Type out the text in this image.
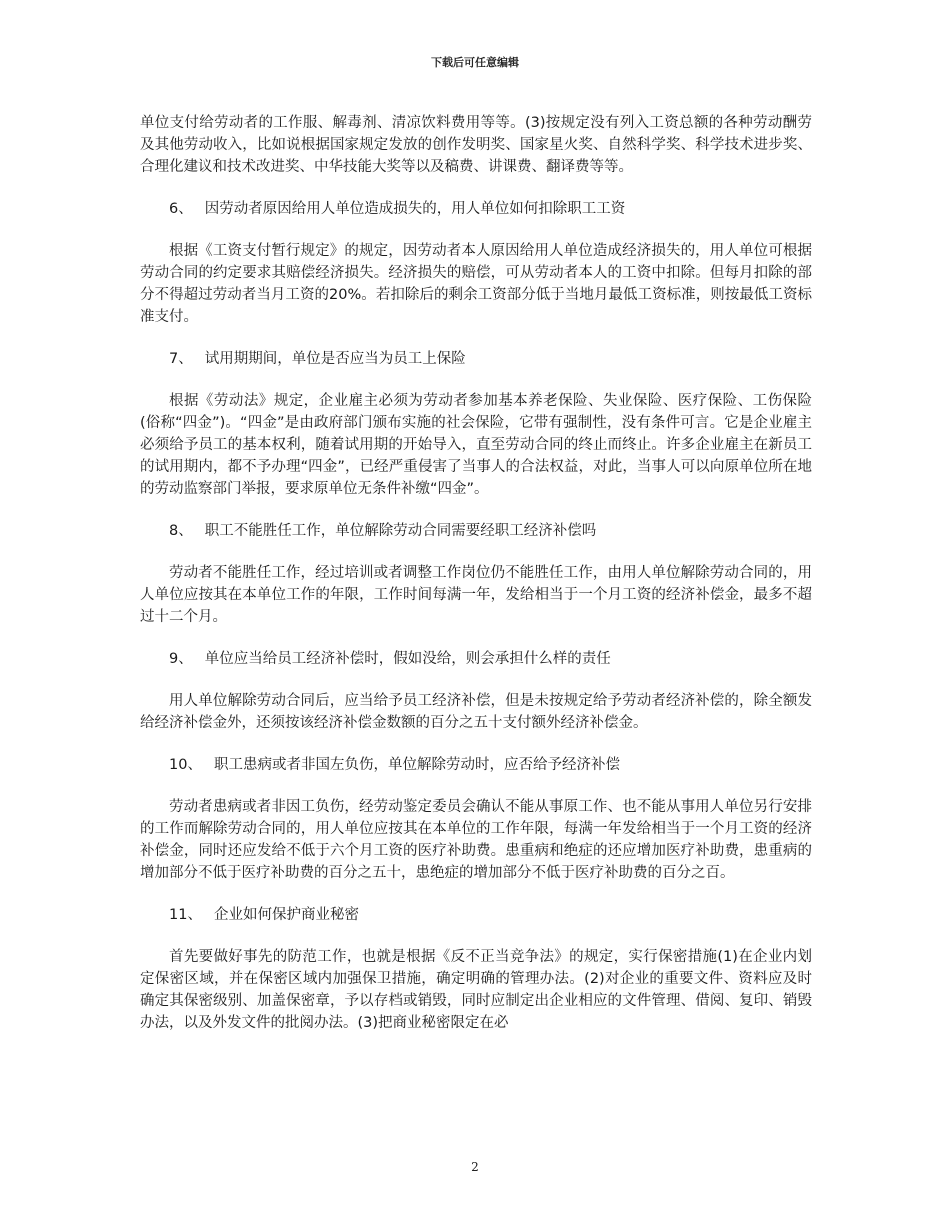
下载后可任意编辑

单位支付给劳动者的工作服、解毒剂、清凉饮料费用等等。(3)按规定没有列入工资总额的各种劳动酬劳及其他劳动收入，比如说根据国家规定发放的创作发明奖、国家星火奖、自然科学奖、科学技术进步奖、合理化建议和技术改进奖、中华技能大奖等以及稿费、讲课费、翻译费等等。

6、 因劳动者原因给用人单位造成损失的，用人单位如何扣除职工工资

根据《工资支付暂行规定》的规定，因劳动者本人原因给用人单位造成经济损失的，用人单位可根据劳动合同的约定要求其赔偿经济损失。经济损失的赔偿，可从劳动者本人的工资中扣除。但每月扣除的部分不得超过劳动者当月工资的20%。若扣除后的剩余工资部分低于当地月最低工资标准，则按最低工资标准支付。

7、 试用期期间，单位是否应当为员工上保险

根据《劳动法》规定，企业雇主必须为劳动者参加基本养老保险、失业保险、医疗保险、工伤保险(俗称“四金”)。“四金”是由政府部门颁布实施的社会保险，它带有强制性，没有条件可言。它是企业雇主必须给予员工的基本权利，随着试用期的开始导入，直至劳动合同的终止而终止。许多企业雇主在新员工的试用期内，都不予办理“四金”，已经严重侵害了当事人的合法权益，对此，当事人可以向原单位所在地的劳动监察部门举报，要求原单位无条件补缴“四金”。

8、 职工不能胜任工作，单位解除劳动合同需要经职工经济补偿吗

劳动者不能胜任工作，经过培训或者调整工作岗位仍不能胜任工作，由用人单位解除劳动合同的，用人单位应按其在本单位工作的年限，工作时间每满一年，发给相当于一个月工资的经济补偿金，最多不超过十二个月。

9、 单位应当给员工经济补偿时，假如没给，则会承担什么样的责任

用人单位解除劳动合同后，应当给予员工经济补偿，但是未按规定给予劳动者经济补偿的，除全额发给经济补偿金外，还须按该经济补偿金数额的百分之五十支付额外经济补偿金。

10、 职工患病或者非国左负伤，单位解除劳动时，应否给予经济补偿

劳动者患病或者非因工负伤，经劳动鉴定委员会确认不能从事原工作、也不能从事用人单位另行安排的工作而解除劳动合同的，用人单位应按其在本单位的工作年限，每满一年发给相当于一个月工资的经济补偿金，同时还应发给不低于六个月工资的医疗补助费。患重病和绝症的还应增加医疗补助费，患重病的增加部分不低于医疗补助费的百分之五十，患绝症的增加部分不低于医疗补助费的百分之百。

11、 企业如何保护商业秘密

首先要做好事先的防范工作，也就是根据《反不正当竞争法》的规定，实行保密措施(1)在企业内划定保密区域，并在保密区域内加强保卫措施，确定明确的管理办法。(2)对企业的重要文件、资料应及时确定其保密级别、加盖保密章，予以存档或销毁，同时应制定出企业相应的文件管理、借阅、复印、销毁办法，以及外发文件的批阅办法。(3)把商业秘密限定在必

2
